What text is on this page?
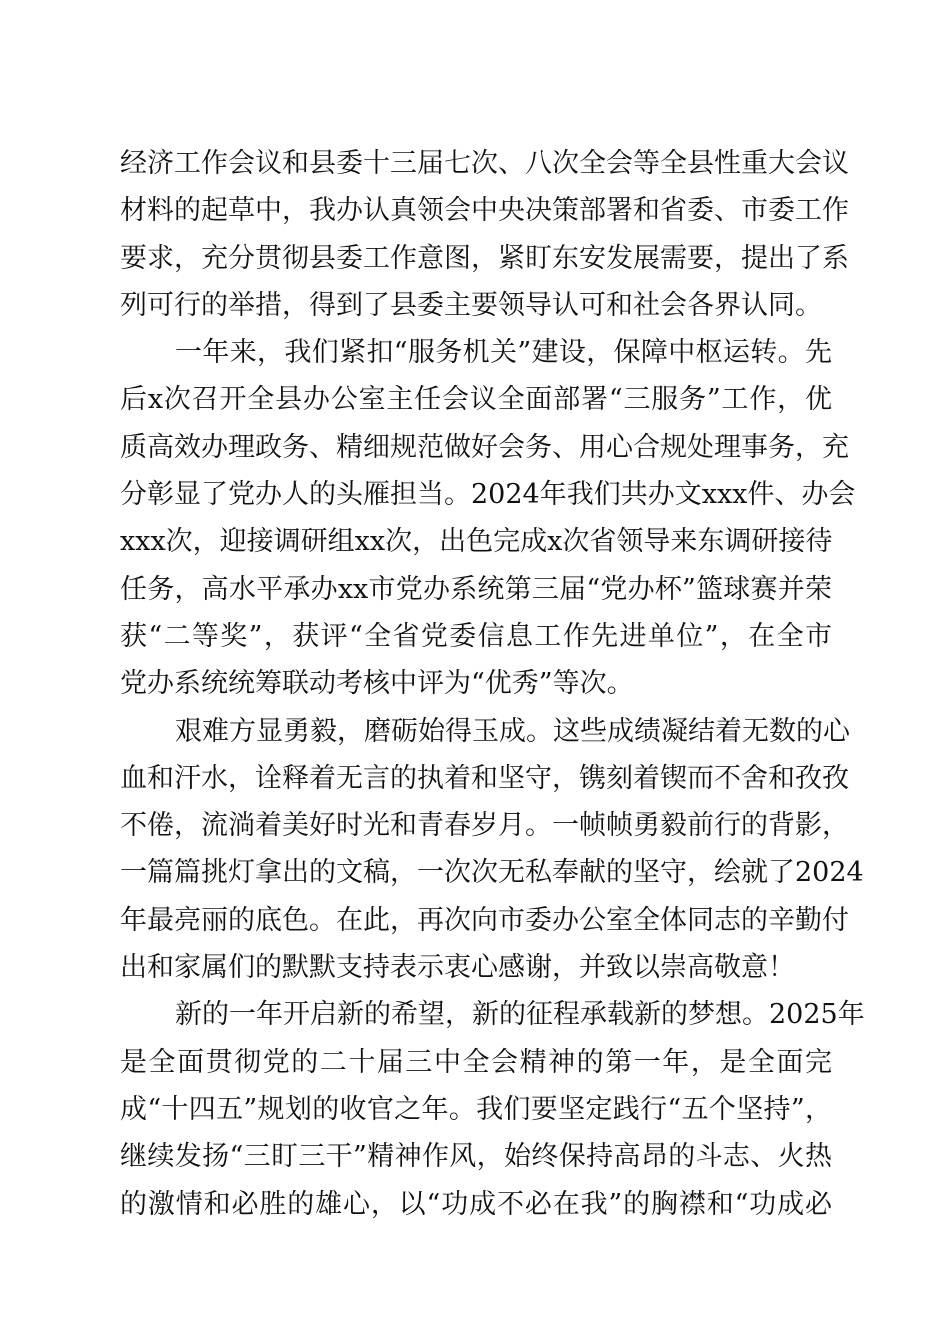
经济工作会议和县委十三届七次、八次全会等全县性重大会议
材料的起草中，我办认真领会中央决策部署和省委、市委工作
要求，充分贯彻县委工作意图，紧盯东安发展需要，提出了系
列可行的举措，得到了县委主要领导认可和社会各界认同。
一年来，我们紧扣“服务机关”建设，保障中枢运转。先
后x次召开全县办公室主任会议全面部署“三服务”工作，优
质高效办理政务、精细规范做好会务、用心合规处理事务，充
分彰显了党办人的头雁担当。2024年我们共办文xxx件、办会
xxx次，迎接调研组xx次，出色完成x次省领导来东调研接待
任务，高水平承办xx市党办系统第三届“党办杯”篮球赛并荣
获“二等奖”，获评“全省党委信息工作先进单位”，在全市
党办系统统筹联动考核中评为“优秀”等次。
艰难方显勇毅，磨砺始得玉成。这些成绩凝结着无数的心
血和汗水，诠释着无言的执着和坚守，镌刻着锲而不舍和孜孜
不倦，流淌着美好时光和青春岁月。一帧帧勇毅前行的背影，
一篇篇挑灯拿出的文稿，一次次无私奉献的坚守，绘就了2024
年最亮丽的底色。在此，再次向市委办公室全体同志的辛勤付
出和家属们的默默支持表示衷心感谢，并致以崇高敬意！
新的一年开启新的希望，新的征程承载新的梦想。2025年
是全面贯彻党的二十届三中全会精神的第一年，是全面完
成“十四五”规划的收官之年。我们要坚定践行“五个坚持”，
继续发扬“三盯三干”精神作风，始终保持高昂的斗志、火热
的激情和必胜的雄心，以“功成不必在我”的胸襟和“功成必
